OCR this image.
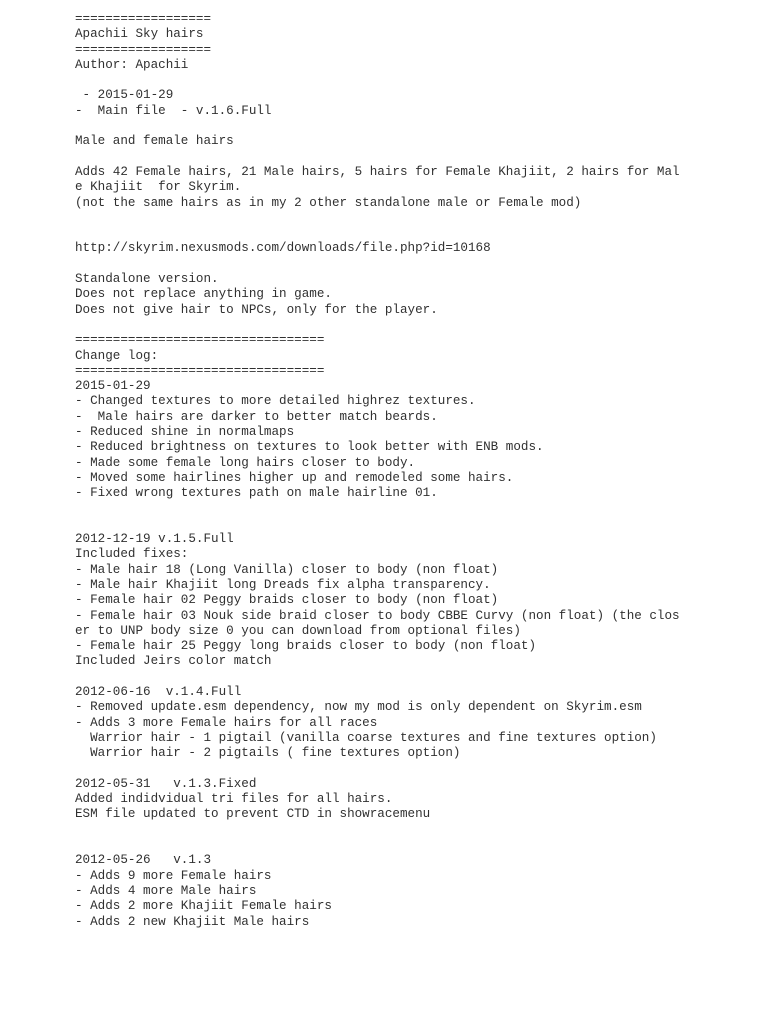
==================
Apachii Sky hairs
==================
Author: Apachii
- 2015-01-29
-  Main file  - v.1.6.Full
Male and female hairs
Adds 42 Female hairs, 21 Male hairs, 5 hairs for Female Khajiit, 2 hairs for Mal
e Khajiit  for Skyrim.
(not the same hairs as in my 2 other standalone male or Female mod)
http://skyrim.nexusmods.com/downloads/file.php?id=10168
Standalone version.
Does not replace anything in game.
Does not give hair to NPCs, only for the player.
=================================
Change log:
=================================
2015-01-29
- Changed textures to more detailed highrez textures.
-  Male hairs are darker to better match beards.
- Reduced shine in normalmaps
- Reduced brightness on textures to look better with ENB mods.
- Made some female long hairs closer to body.
- Moved some hairlines higher up and remodeled some hairs.
- Fixed wrong textures path on male hairline 01.
2012-12-19 v.1.5.Full
Included fixes:
- Male hair 18 (Long Vanilla) closer to body (non float)
- Male hair Khajiit long Dreads fix alpha transparency.
- Female hair 02 Peggy braids closer to body (non float)
- Female hair 03 Nouk side braid closer to body CBBE Curvy (non float) (the clos
er to UNP body size 0 you can download from optional files)
- Female hair 25 Peggy long braids closer to body (non float)
Included Jeirs color match
2012-06-16  v.1.4.Full
- Removed update.esm dependency, now my mod is only dependent on Skyrim.esm
- Adds 3 more Female hairs for all races
Warrior hair - 1 pigtail (vanilla coarse textures and fine textures option)
Warrior hair - 2 pigtails ( fine textures option)
2012-05-31   v.1.3.Fixed
Added indidvidual tri files for all hairs.
ESM file updated to prevent CTD in showracemenu
2012-05-26   v.1.3
- Adds 9 more Female hairs
- Adds 4 more Male hairs
- Adds 2 more Khajiit Female hairs
- Adds 2 new Khajiit Male hairs
